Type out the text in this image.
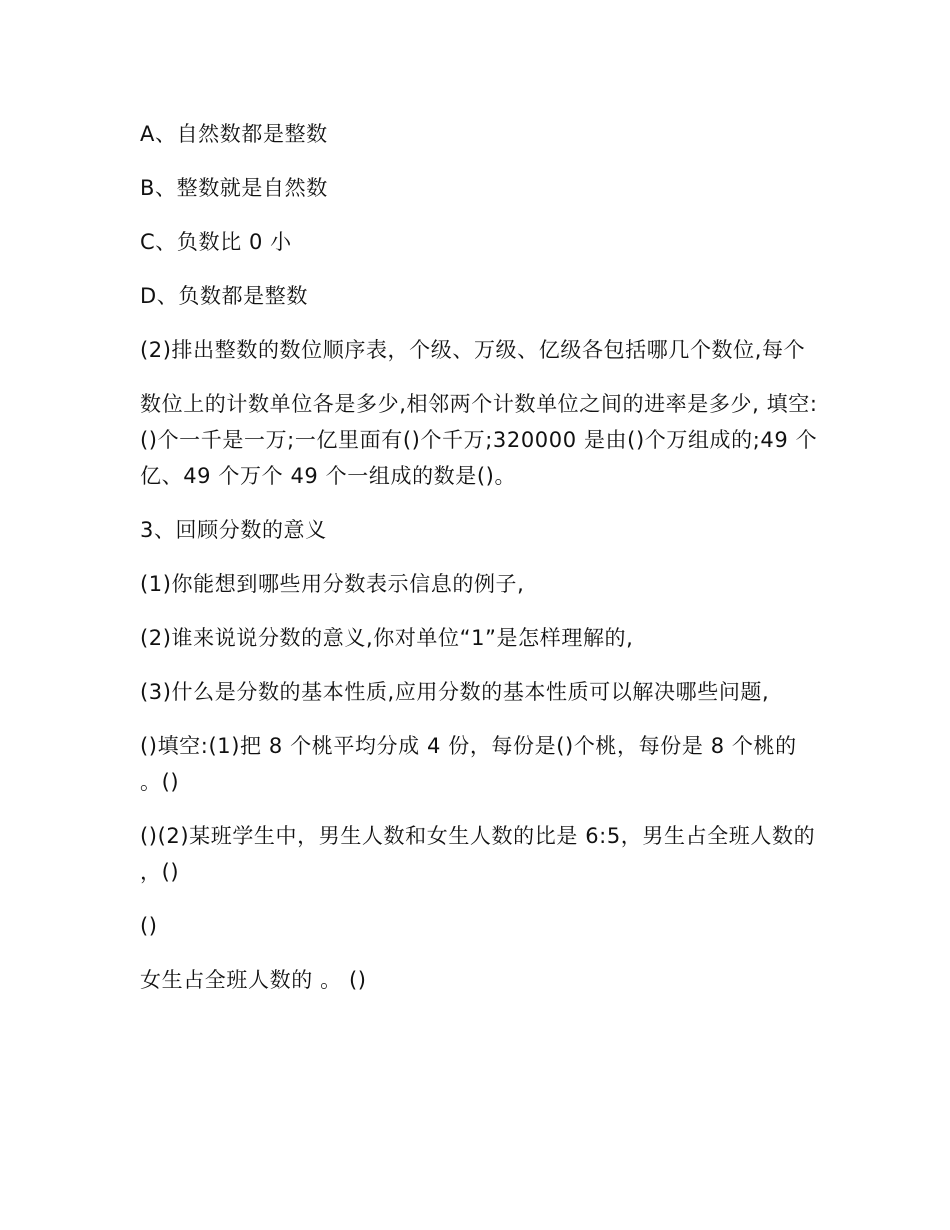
A、自然数都是整数

B、整数就是自然数

C、负数比 0 小

D、负数都是整数

(2)排出整数的数位顺序表，个级、万级、亿级各包括哪几个数位,每个

数位上的计数单位各是多少,相邻两个计数单位之间的进率是多少, 填空:()个一千是一万;一亿里面有()个千万;320000 是由()个万组成的;49 个亿、49 个万个 49 个一组成的数是()。

3、回顾分数的意义

(1)你能想到哪些用分数表示信息的例子,

(2)谁来说说分数的意义,你对单位“1”是怎样理解的,

(3)什么是分数的基本性质,应用分数的基本性质可以解决哪些问题,

()填空:(1)把 8 个桃平均分成 4 份，每份是()个桃，每份是 8 个桃的 。()

()(2)某班学生中，男生人数和女生人数的比是 6:5，男生占全班人数的 ，()

()

女生占全班人数的 。 ()
